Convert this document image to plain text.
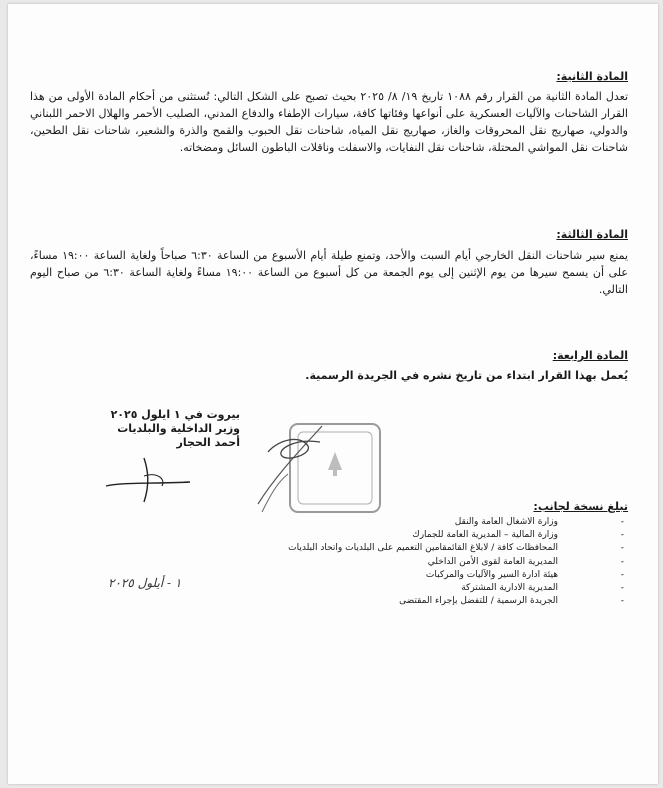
المادة الثانية:
تعدل المادة الثانية من القرار رقم ١٠٨٨ تاريخ ١٩/ ٨/ ٢٠٢٥ بحيث تصبح على الشكل التالي: تُستثنى من أحكام المادة الأولى من هذا القرار الشاحنات والآليات العسكرية على أنواعها وفئاتها كافة، سيارات الإطفاء والدفاع المدني، الصليب الأحمر والهلال الاحمر اللبناني والدولي، صهاريج نقل المحروقات والغاز، صهاريج نقل المياه، شاحنات نقل الحبوب والقمح والذرة والشعير، شاحنات نقل الطحين، شاحنات نقل المواشي المحتلة، شاحنات نقل النفايات، والاسفلت وناقلات الباطون السائل ومضخاته.
المادة الثالثة:
يمنع سير شاحنات النقل الخارجي أيام السبت والأحد، وتمنع طيلة أيام الأسبوع من الساعة ٦:٣٠ صباحاً ولغاية الساعة ١٩:٠٠ مساءً، على أن يسمح سيرها من يوم الإثنين إلى يوم الجمعة من كل أسبوع من الساعة ١٩:٠٠ مساءً ولغاية الساعة ٦:٣٠ من صباح اليوم التالي.
المادة الرابعة:
يُعمل بهذا القرار ابتداء من تاريخ نشره في الجريدة الرسمية.
بيروت في ١ ايلول ٢٠٢٥
وزير الداخلية والبلديات
أحمد الحجار
تبلغ نسخة لجانب:
-
وزارة الاشغال العامة والنقل
-
وزارة المالية – المديرية العامة للجمارك
-
المحافظات كافة / لابلاغ القائمقامين التعميم على البلديات واتحاد البلديات
-
المديرية العامة لقوى الأمن الداخلي
-
هيئة ادارة السير والآليات والمركبات
-
المديرية الادارية المشتركة
-
الجريدة الرسمية / للتفضل بإجراء المقتضى
١ - أيلول ٢٠٢٥
